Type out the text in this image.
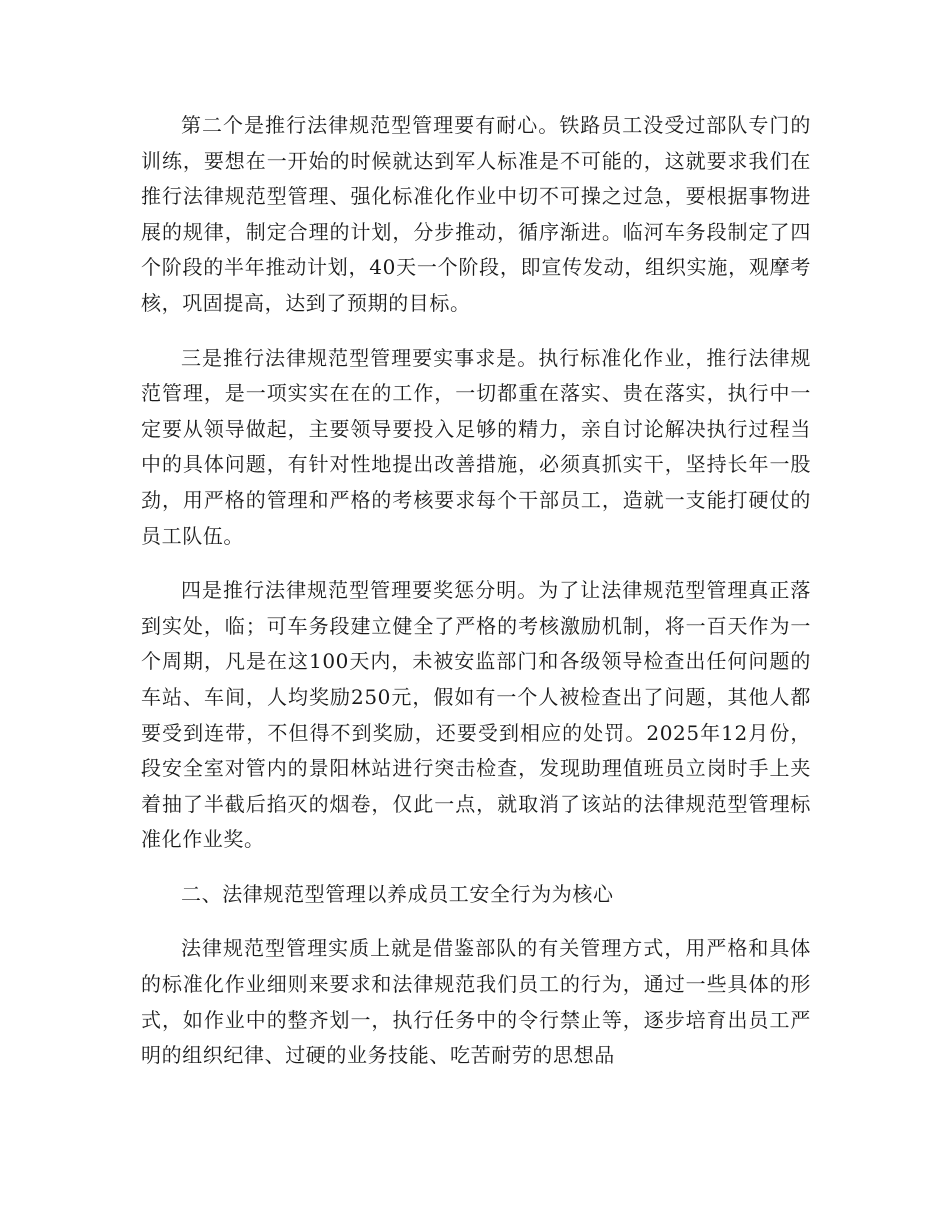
第二个是推行法律规范型管理要有耐心。铁路员工没受过部队专门的训练，要想在一开始的时候就达到军人标准是不可能的，这就要求我们在推行法律规范型管理、强化标准化作业中切不可操之过急，要根据事物进展的规律，制定合理的计划，分步推动，循序渐进。临河车务段制定了四个阶段的半年推动计划，40天一个阶段，即宣传发动，组织实施，观摩考核，巩固提高，达到了预期的目标。

三是推行法律规范型管理要实事求是。执行标准化作业，推行法律规范管理，是一项实实在在的工作，一切都重在落实、贵在落实，执行中一定要从领导做起，主要领导要投入足够的精力，亲自讨论解决执行过程当中的具体问题，有针对性地提出改善措施，必须真抓实干，坚持长年一股劲，用严格的管理和严格的考核要求每个干部员工，造就一支能打硬仗的员工队伍。

四是推行法律规范型管理要奖惩分明。为了让法律规范型管理真正落到实处，临；可车务段建立健全了严格的考核激励机制，将一百天作为一个周期，凡是在这100天内，未被安监部门和各级领导检查出任何问题的车站、车间，人均奖励250元，假如有一个人被检查出了问题，其他人都要受到连带，不但得不到奖励，还要受到相应的处罚。2025年12月份，段安全室对管内的景阳林站进行突击检查，发现助理值班员立岗时手上夹着抽了半截后掐灭的烟卷，仅此一点，就取消了该站的法律规范型管理标准化作业奖。

二、法律规范型管理以养成员工安全行为为核心

法律规范型管理实质上就是借鉴部队的有关管理方式，用严格和具体的标准化作业细则来要求和法律规范我们员工的行为，通过一些具体的形式，如作业中的整齐划一，执行任务中的令行禁止等，逐步培育出员工严明的组织纪律、过硬的业务技能、吃苦耐劳的思想品
